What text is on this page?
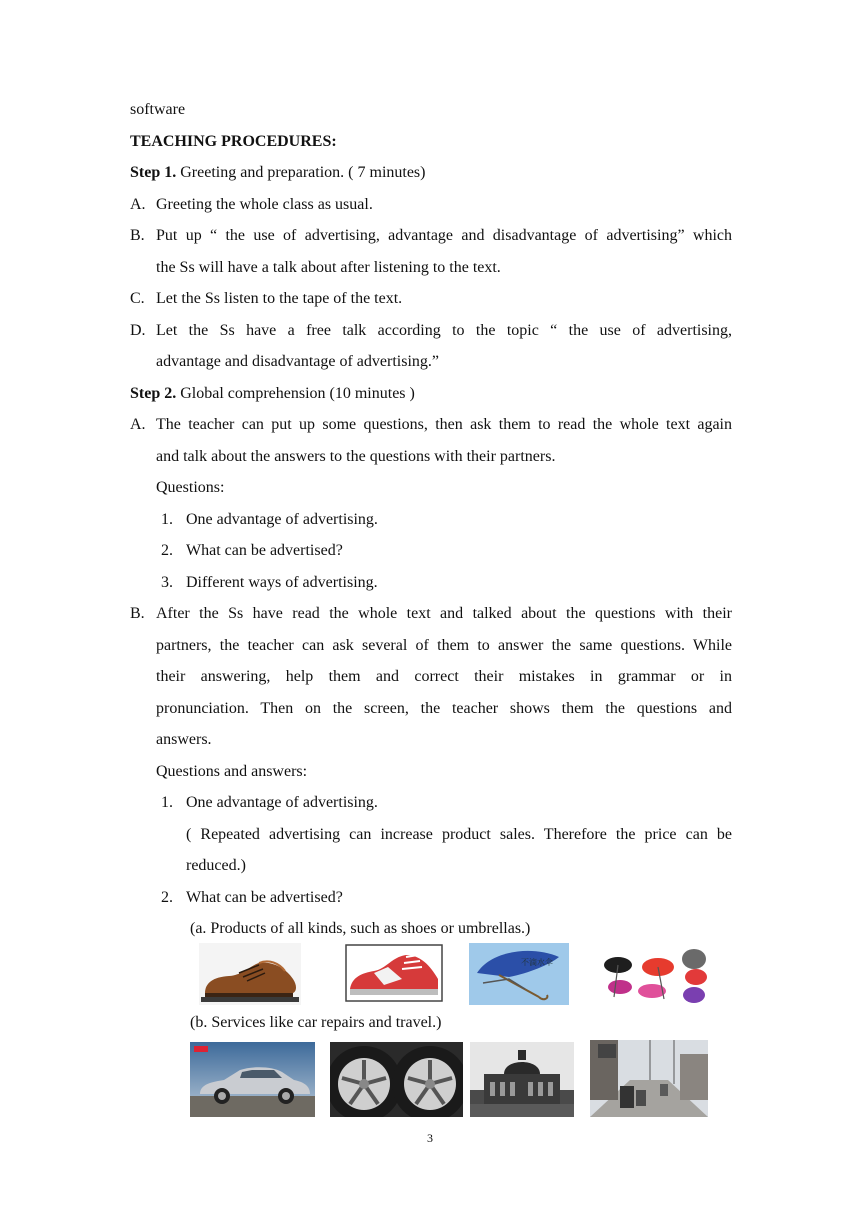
software
TEACHING PROCEDURES:
Step 1. Greeting and preparation. ( 7 minutes)
A. Greeting the whole class as usual.
B. Put up “ the use of advertising, advantage and disadvantage of advertising” which
the Ss will have a talk about after listening to the text.
C. Let the Ss listen to the tape of the text.
D. Let the Ss have a free talk according to the topic “ the use of advertising,
advantage and disadvantage of advertising.”
Step 2. Global comprehension (10 minutes )
A. The teacher can put up some questions, then ask them to read the whole text again
and talk about the answers to the questions with their partners.
Questions:
1. One advantage of advertising.
2. What can be advertised?
3. Different ways of advertising.
B. After the Ss have read the whole text and talked about the questions with their
partners, the teacher can ask several of them to answer the same questions. While
their answering, help them and correct their mistakes in grammar or in
pronunciation. Then on the screen, the teacher shows them the questions and
answers.
Questions and answers:
1. One advantage of advertising.
( Repeated advertising can increase product sales. Therefore the price can be
reduced.)
2. What can be advertised?
(a. Products of all kinds, such as shoes or umbrellas.)
(b. Services like car repairs and travel.)
不滴水伞
3
